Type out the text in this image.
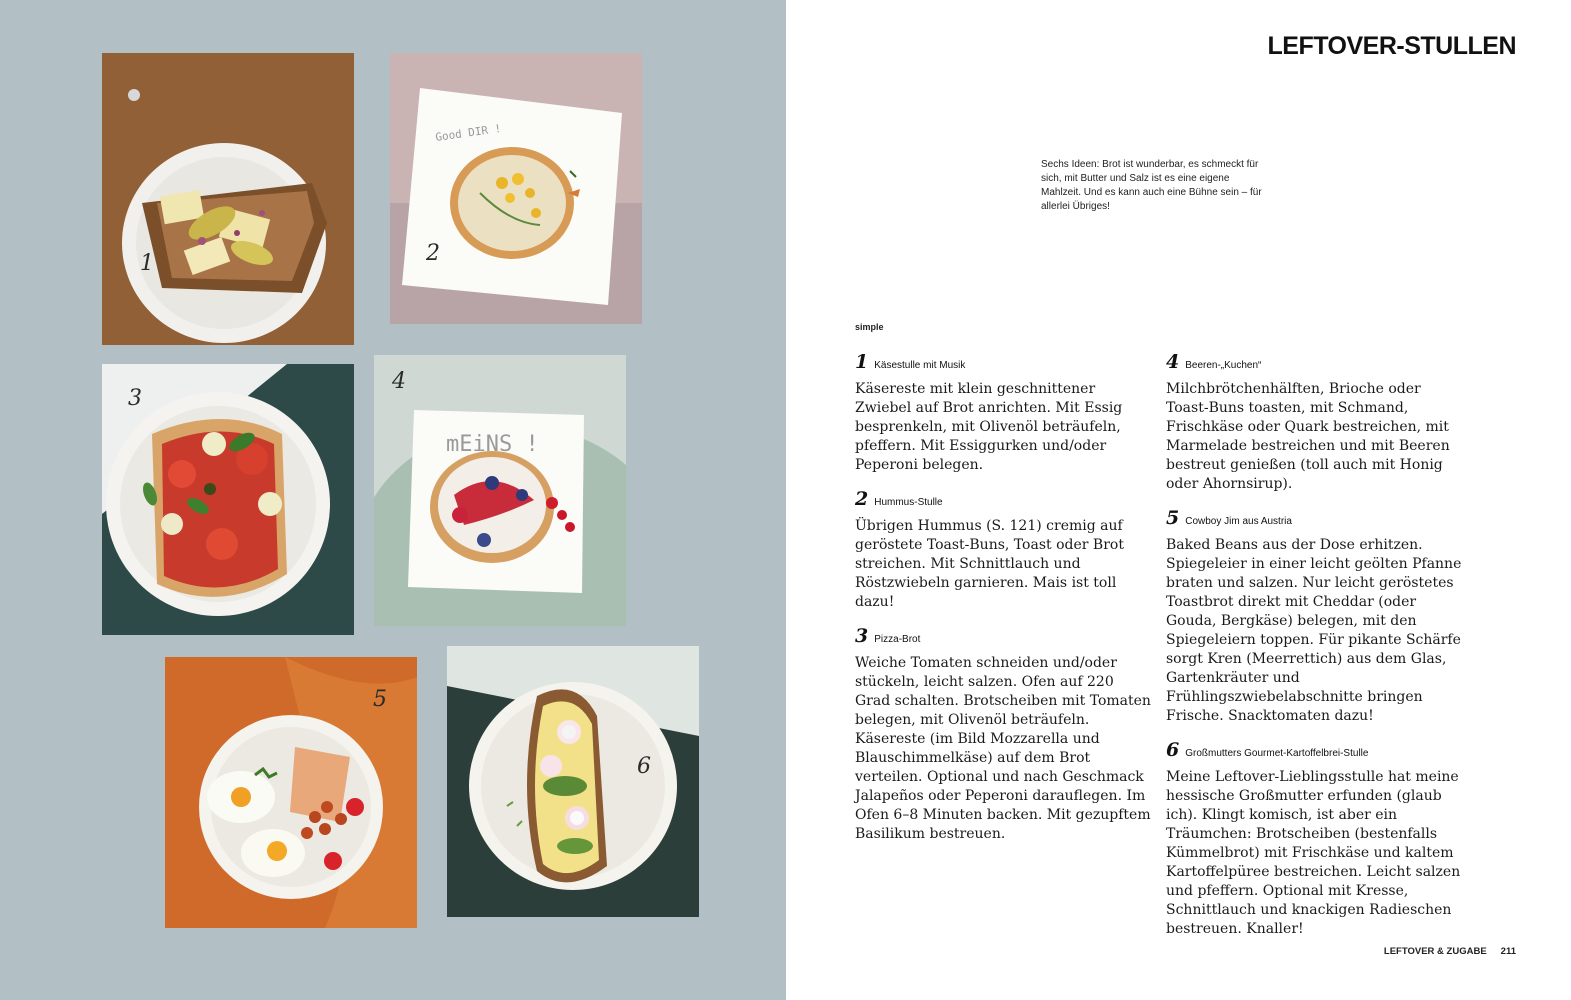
1
Good DIR !
2
3
mEiNS !
4
5
6
LEFTOVER-STULLEN

Sechs Ideen: Brot ist wunderbar, es schmeckt für sich, mit Butter und Salz ist es eine eigene Mahlzeit. Und es kann auch eine Bühne sein – für allerlei Übriges!

simple
1 Käsestulle mit Musik
Käsereste mit klein geschnittener Zwiebel auf Brot anrichten. Mit Essig besprenkeln, mit Olivenöl beträufeln, pfeffern. Mit Essiggurken und/oder Peperoni belegen.
2 Hummus-Stulle
Übrigen Hummus (S. 121) cremig auf geröstete Toast-Buns, Toast oder Brot streichen. Mit Schnittlauch und Röstzwiebeln garnieren. Mais ist toll dazu!
3 Pizza-Brot
Weiche Tomaten schneiden und/oder stückeln, leicht salzen. Ofen auf 220 Grad schalten. Brotscheiben mit Tomaten belegen, mit Olivenöl beträufeln. Käsereste (im Bild Mozzarella und Blauschimmelkäse) auf dem Brot verteilen. Optional und nach Geschmack Jalapeños oder Peperoni darauflegen. Im Ofen 6–8 Minuten backen. Mit gezupftem Basilikum bestreuen.
4 Beeren-„Kuchen“
Milchbrötchenhälften, Brioche oder Toast-Buns toasten, mit Schmand, Frischkäse oder Quark bestreichen, mit Marmelade bestreichen und mit Beeren bestreut genießen (toll auch mit Honig oder Ahornsirup).
5 Cowboy Jim aus Austria
Baked Beans aus der Dose erhitzen. Spiegeleier in einer leicht geölten Pfanne braten und salzen. Nur leicht geröstetes Toastbrot direkt mit Cheddar (oder Gouda, Bergkäse) belegen, mit den Spiegeleiern toppen. Für pikante Schärfe sorgt Kren (Meerrettich) aus dem Glas, Gartenkräuter und Frühlingszwiebelabschnitte bringen Frische. Snacktomaten dazu!
6 Großmutters Gourmet-Kartoffelbrei-Stulle
Meine Leftover-Lieblingsstulle hat meine hessische Großmutter erfunden (glaub ich). Klingt komisch, ist aber ein Träumchen: Brotscheiben (bestenfalls Kümmelbrot) mit Frischkäse und kaltem Kartoffelpüree bestreichen. Leicht salzen und pfeffern. Optional mit Kresse, Schnittlauch und knackigen Radieschen bestreuen. Knaller!
LEFTOVER & ZUGABE 211
